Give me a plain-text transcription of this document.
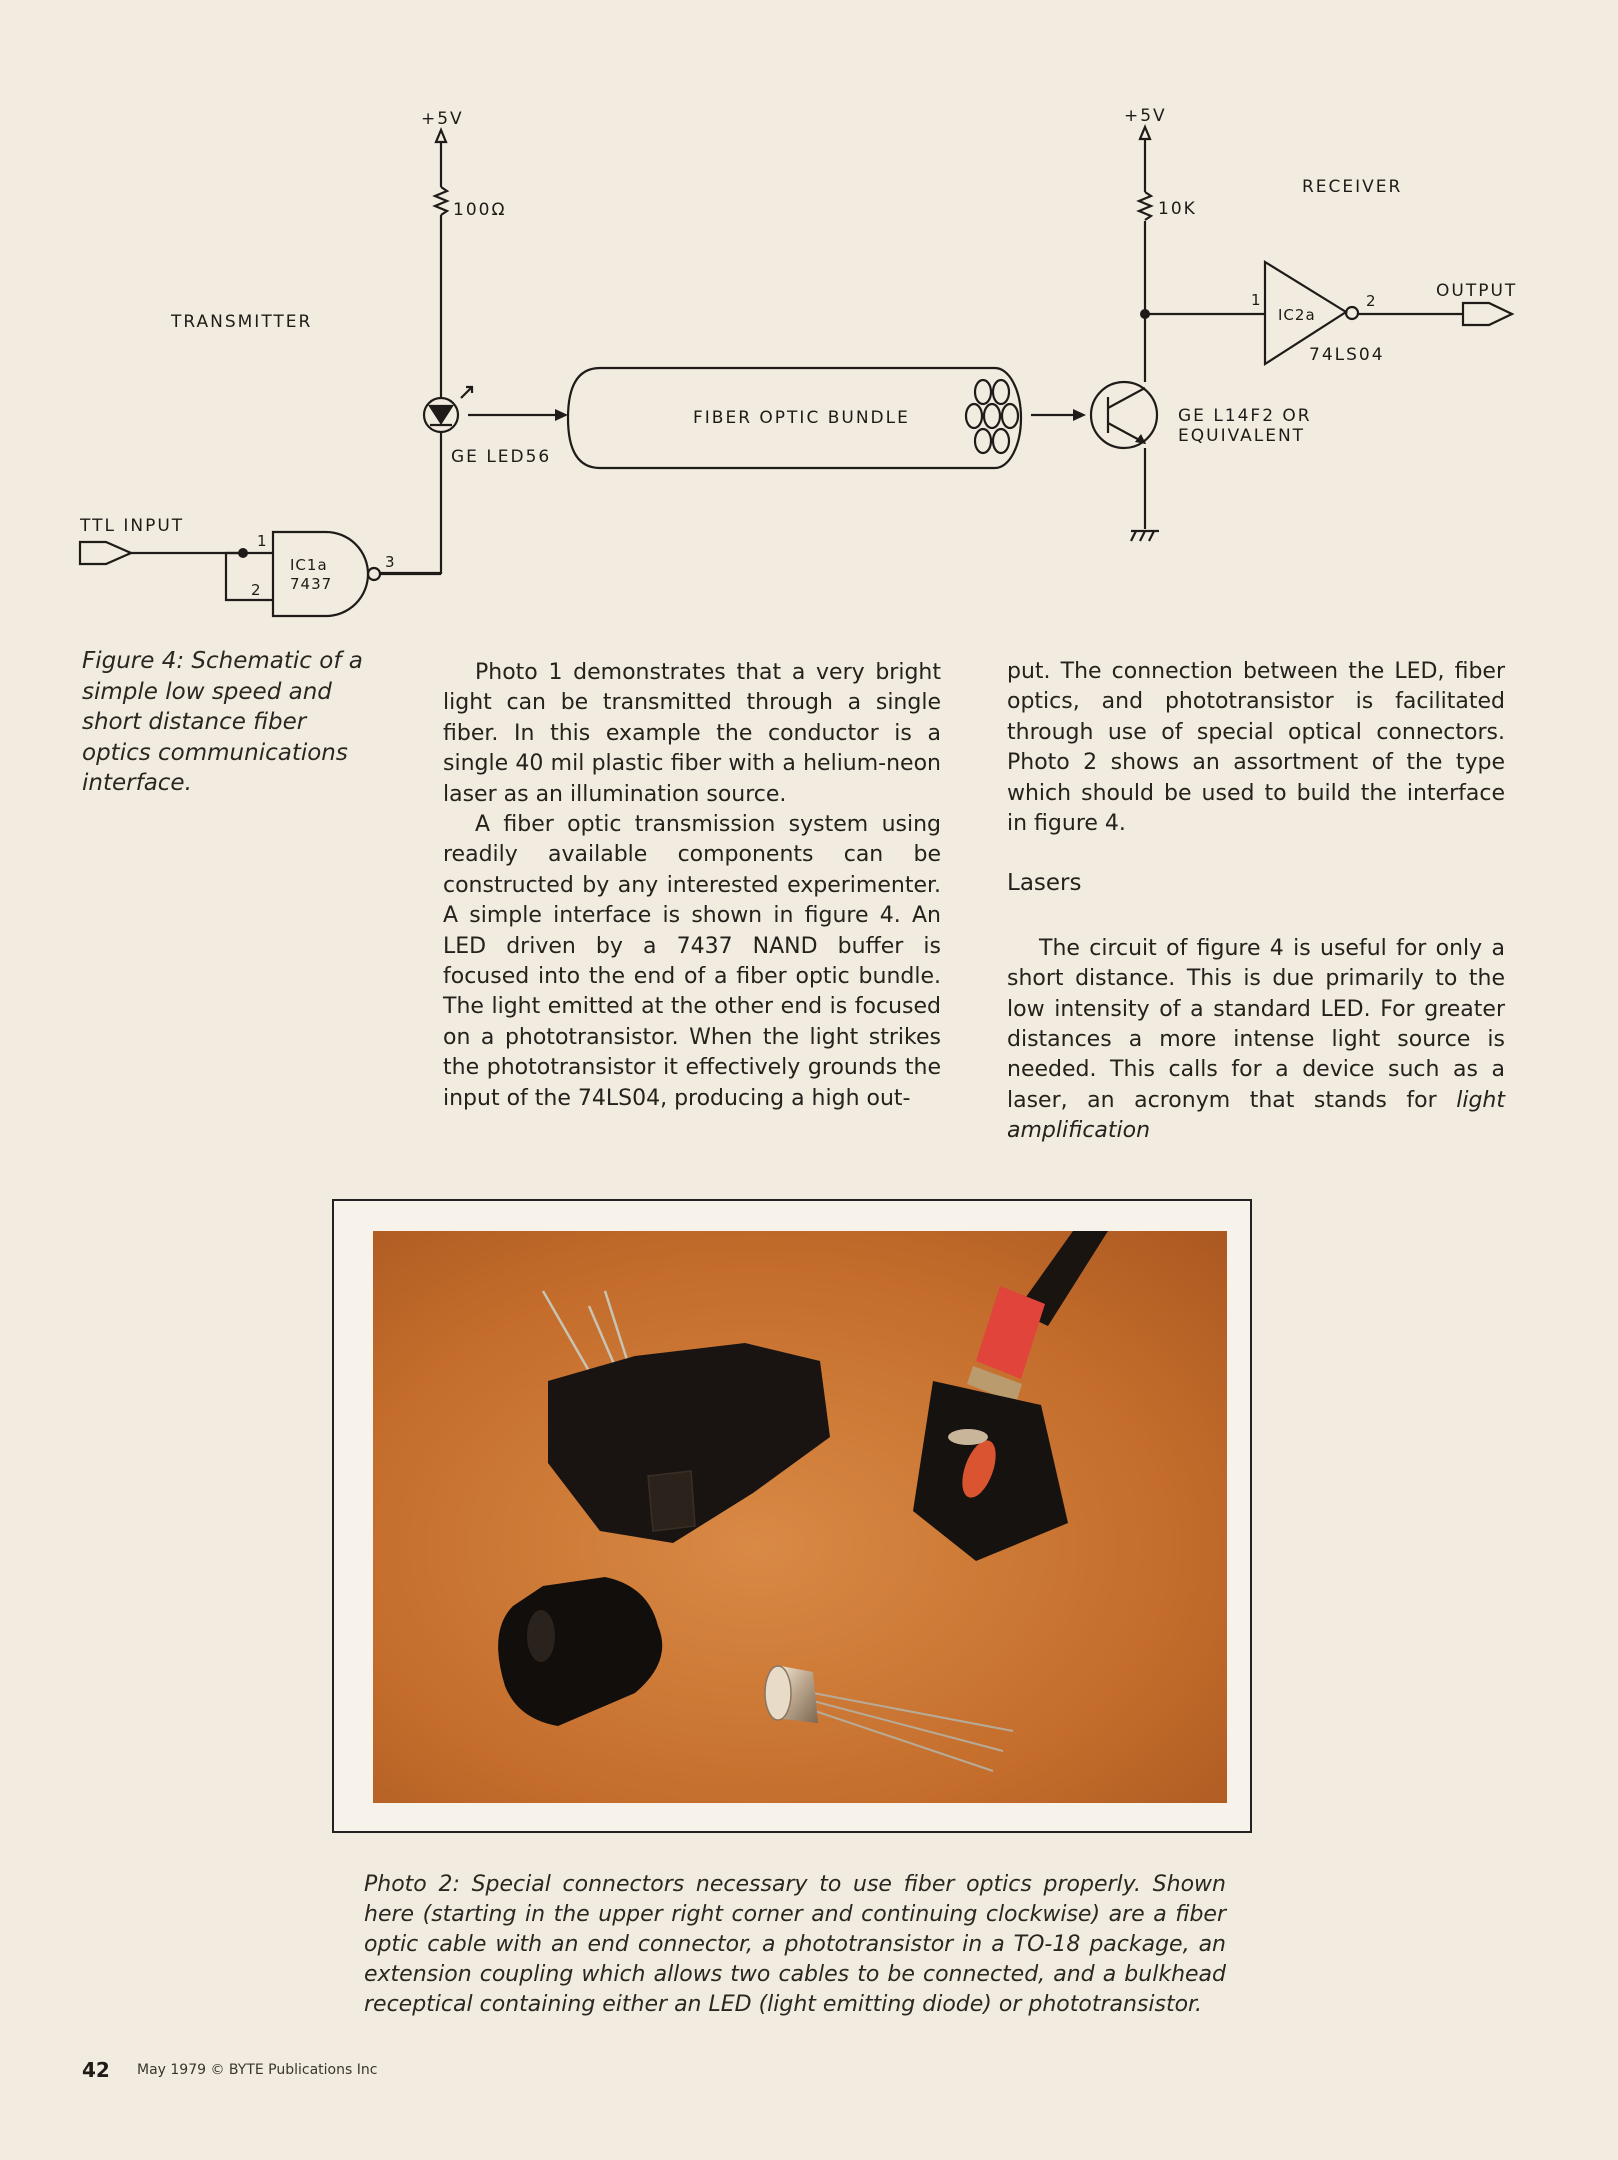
TRANSMITTER
RECEIVER
+5V
100Ω
GE LED56
FIBER OPTIC BUNDLE	GE L14F2 OR
EQUIVALENT
+5V
10K
IC2a
1	2
74LS04
OUTPUT
TTL INPUT
IC1a
7437
1
2
3

Figure 4: Schematic of a simple low speed and short distance fiber optics communications interface.

Photo 1 demonstrates that a very bright light can be transmitted through a single fiber. In this example the conductor is a single 40 mil plastic fiber with a helium-neon laser as an illumination source.

A fiber optic transmission system using readily available components can be constructed by any interested experimenter. A simple interface is shown in figure 4. An LED driven by a 7437 NAND buffer is focused into the end of a fiber optic bundle. The light emitted at the other end is focused on a phototransistor. When the light strikes the phototransistor it effectively grounds the input of the 74LS04, producing a high out-

put. The connection between the LED, fiber optics, and phototransistor is facilitated through use of special optical connectors. Photo 2 shows an assortment of the type which should be used to build the interface in figure 4.

Lasers

The circuit of figure 4 is useful for only a short distance. This is due primarily to the low intensity of a standard LED. For greater distances a more intense light source is needed. This calls for a device such as a laser, an acronym that stands for light amplification

Photo 2: Special connectors necessary to use fiber optics properly. Shown here (starting in the upper right corner and continuing clockwise) are a fiber optic cable with an end connector, a phototransistor in a TO-18 package, an extension coupling which allows two cables to be connected, and a bulkhead receptical containing either an LED (light emitting diode) or phototransistor.

42 May 1979 © BYTE Publications Inc
